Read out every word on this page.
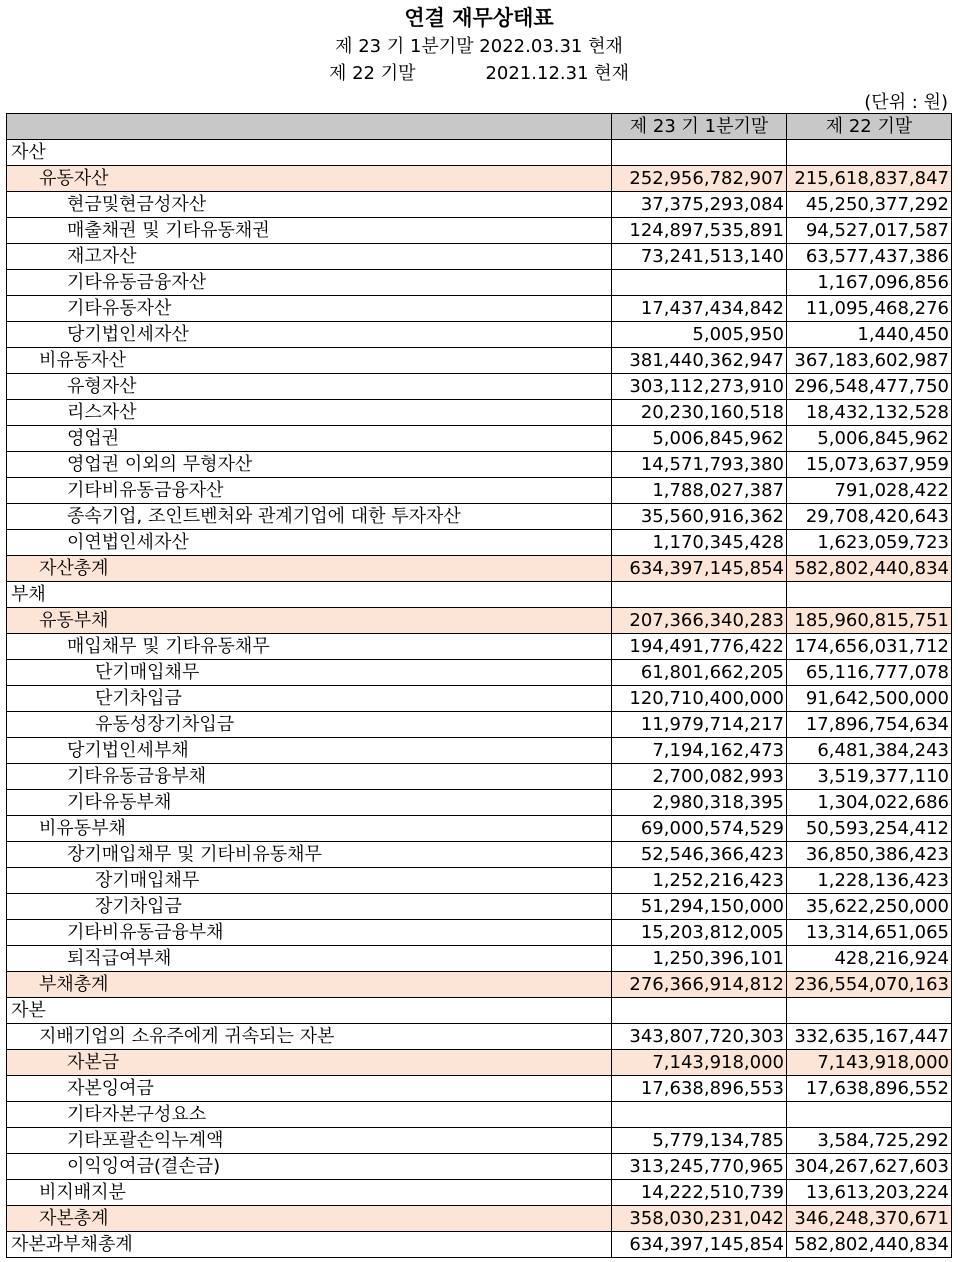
연결 재무상태표
제 23 기 1분기말 2022.03.31 현재
제 22 기말	2021.12.31 현재
(단위 : 원)
	제 23 기 1분기말	제 22 기말
자산		
유동자산	252,956,782,907	215,618,837,847
현금및현금성자산	37,375,293,084	45,250,377,292
매출채권 및 기타유동채권	124,897,535,891	94,527,017,587
재고자산	73,241,513,140	63,577,437,386
기타유동금융자산		1,167,096,856
기타유동자산	17,437,434,842	11,095,468,276
당기법인세자산	5,005,950	1,440,450
비유동자산	381,440,362,947	367,183,602,987
유형자산	303,112,273,910	296,548,477,750
리스자산	20,230,160,518	18,432,132,528
영업권	5,006,845,962	5,006,845,962
영업권 이외의 무형자산	14,571,793,380	15,073,637,959
기타비유동금융자산	1,788,027,387	791,028,422
종속기업, 조인트벤처와 관계기업에 대한 투자자산	35,560,916,362	29,708,420,643
이연법인세자산	1,170,345,428	1,623,059,723
자산총계	634,397,145,854	582,802,440,834
부채		
유동부채	207,366,340,283	185,960,815,751
매입채무 및 기타유동채무	194,491,776,422	174,656,031,712
단기매입채무	61,801,662,205	65,116,777,078
단기차입금	120,710,400,000	91,642,500,000
유동성장기차입금	11,979,714,217	17,896,754,634
당기법인세부채	7,194,162,473	6,481,384,243
기타유동금융부채	2,700,082,993	3,519,377,110
기타유동부채	2,980,318,395	1,304,022,686
비유동부채	69,000,574,529	50,593,254,412
장기매입채무 및 기타비유동채무	52,546,366,423	36,850,386,423
장기매입채무	1,252,216,423	1,228,136,423
장기차입금	51,294,150,000	35,622,250,000
기타비유동금융부채	15,203,812,005	13,314,651,065
퇴직급여부채	1,250,396,101	428,216,924
부채총계	276,366,914,812	236,554,070,163
자본		
지배기업의 소유주에게 귀속되는 자본	343,807,720,303	332,635,167,447
자본금	7,143,918,000	7,143,918,000
자본잉여금	17,638,896,553	17,638,896,552
기타자본구성요소		
기타포괄손익누계액	5,779,134,785	3,584,725,292
이익잉여금(결손금)	313,245,770,965	304,267,627,603
비지배지분	14,222,510,739	13,613,203,224
자본총계	358,030,231,042	346,248,370,671
자본과부채총계	634,397,145,854	582,802,440,834
